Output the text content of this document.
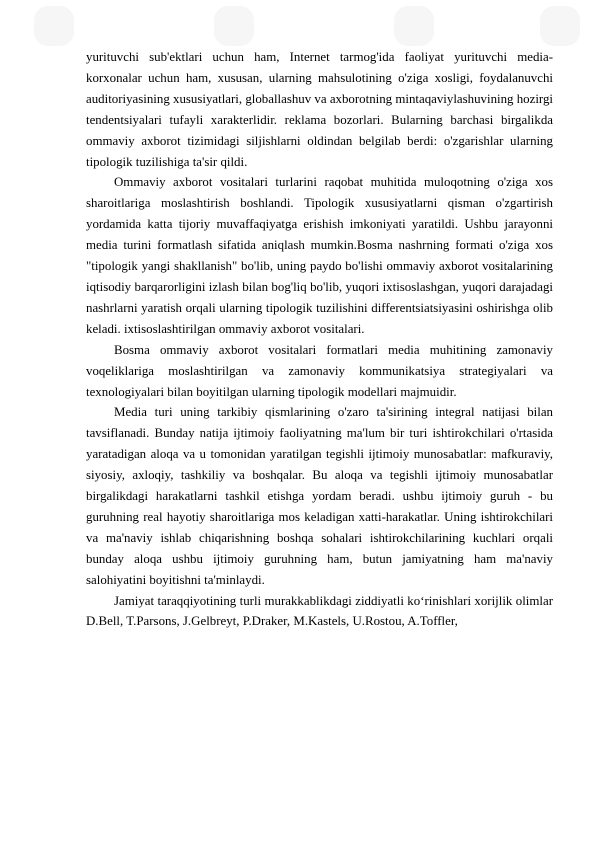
yurituvchi sub'ektlari uchun ham, Internet tarmog'ida faoliyat yurituvchi media-korxonalar uchun ham, xususan, ularning mahsulotining o'ziga xosligi, foydalanuvchi auditoriyasining xususiyatlari, globallashuv va axborotning mintaqaviylashuvining hozirgi tendentsiyalari tufayli xarakterlidir. reklama bozorlari. Bularning barchasi birgalikda ommaviy axborot tizimidagi siljishlarni oldindan belgilab berdi: o'zgarishlar ularning tipologik tuzilishiga ta'sir qildi.

Ommaviy axborot vositalari turlarini raqobat muhitida muloqotning o'ziga xos sharoitlariga moslashtirish boshlandi. Tipologik xususiyatlarni qisman o'zgartirish yordamida katta tijoriy muvaffaqiyatga erishish imkoniyati yaratildi. Ushbu jarayonni media turini formatlash sifatida aniqlash mumkin.Bosma nashrning formati o'ziga xos "tipologik yangi shakllanish" bo'lib, uning paydo bo'lishi ommaviy axborot vositalarining iqtisodiy barqarorligini izlash bilan bog'liq bo'lib, yuqori ixtisoslashgan, yuqori darajadagi nashrlarni yaratish orqali ularning tipologik tuzilishini differentsiatsiyasini oshirishga olib keladi. ixtisoslashtirilgan ommaviy axborot vositalari.

Bosma ommaviy axborot vositalari formatlari media muhitining zamonaviy voqeliklariga moslashtirilgan va zamonaviy kommunikatsiya strategiyalari va texnologiyalari bilan boyitilgan ularning tipologik modellari majmuidir.

Media turi uning tarkibiy qismlarining o'zaro ta'sirining integral natijasi bilan tavsiflanadi. Bunday natija ijtimoiy faoliyatning ma'lum bir turi ishtirokchilari o'rtasida yaratadigan aloqa va u tomonidan yaratilgan tegishli ijtimoiy munosabatlar: mafkuraviy, siyosiy, axloqiy, tashkiliy va boshqalar. Bu aloqa va tegishli ijtimoiy munosabatlar birgalikdagi harakatlarni tashkil etishga yordam beradi. ushbu ijtimoiy guruh - bu guruhning real hayotiy sharoitlariga mos keladigan xatti-harakatlar. Uning ishtirokchilari va ma'naviy ishlab chiqarishning boshqa sohalari ishtirokchilarining kuchlari orqali bunday aloqa ushbu ijtimoiy guruhning ham, butun jamiyatning ham ma'naviy salohiyatini boyitishni ta'minlaydi.

Jamiyat taraqqiyotining turli murakkablikdagi ziddiyatli ko‘rinishlari xorijlik olimlar D.Bell, T.Parsons, J.Gelbreyt, P.Draker, M.Kastels, U.Rostou, A.Toffler,
